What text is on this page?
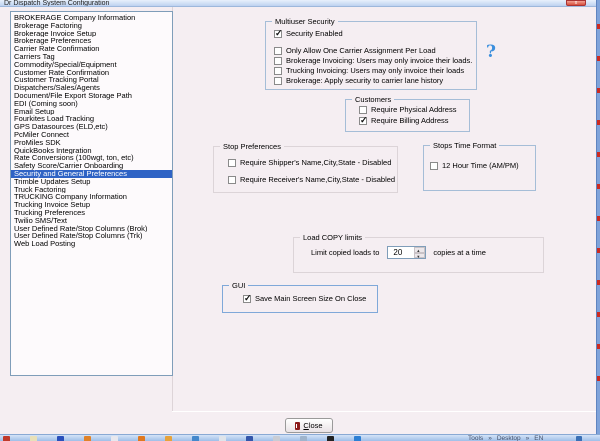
Dr Dispatch System Configuration	x
BROKERAGE Company Information
Brokerage Factoring
Brokerage Invoice Setup
Brokerage Preferences
Carrier Rate Confirmation
Carriers Tag
Commodity/Special/Equipment
Customer Rate Confirmation
Customer Tracking Portal
Dispatchers/Sales/Agents
Document/File Export Storage Path
EDI (Coming soon)
Email Setup
Fourkites Load Tracking
GPS Datasources (ELD,etc)
PcMiler Connect
ProMiles SDK
QuickBooks Integration
Rate Conversions (100wgt, ton, etc)
Safety Score/Carrier Onboarding
Security and General Preferences
Trimble Updates Setup
Truck Factoring
TRUCKING Company Information
Trucking Invoice Setup
Trucking Preferences
Twilio SMS/Text
User Defined Rate/Stop Columns (Brok)
User Defined Rate/Stop Columns (Trk)
Web Load Posting
Multiuser Security
✓
Security Enabled
Only Allow One Carrier Assignment Per Load
Brokerage Invoicing: Users may only invoice their loads.
Trucking Invoicing: Users may only invoice their loads
Brokerage: Apply security to carrier lane history
?
Customers
Require Physical Address
✓
Require Billing Address
Stop Preferences
Require Shipper's Name,City,State - Disabled
Require Receiver's Name,City,State - Disabled
Stops Time Format
12 Hour Time (AM/PM)
Load COPY limits
Limit copied loads to	20 ▲
▼	copies at a time
GUI
✓
Save Main Screen Size On Close
Close
Tools » Desktop » EN
